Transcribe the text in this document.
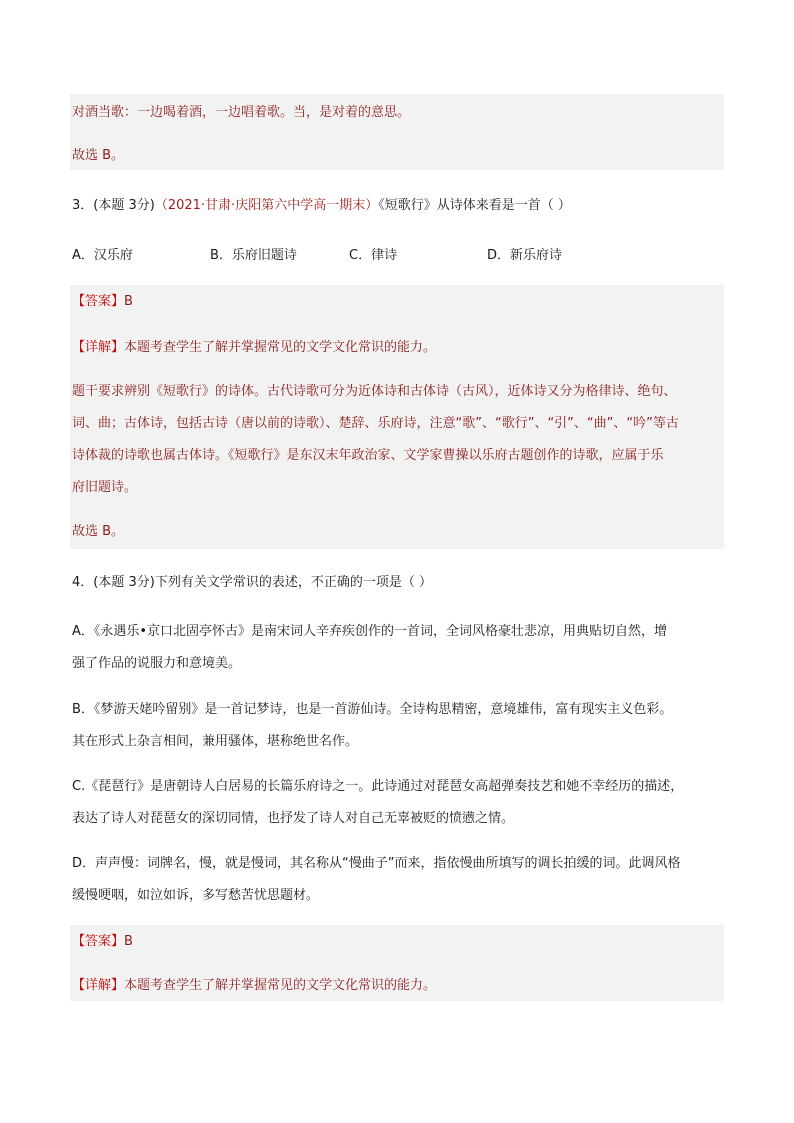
对酒当歌：一边喝着酒，一边唱着歌。当，是对着的意思。
故选 B。
3．(本题 3分)（2021·甘肃·庆阳第六中学高一期末）《短歌行》从诗体来看是一首（ ）
A．汉乐府	B．乐府旧题诗	C．律诗	D．新乐府诗
【答案】B
【详解】本题考查学生了解并掌握常见的文学文化常识的能力。
题干要求辨别《短歌行》的诗体。古代诗歌可分为近体诗和古体诗（古风），近体诗又分为格律诗、绝句、
词、曲；古体诗，包括古诗（唐以前的诗歌）、楚辞、乐府诗，注意“歌”、“歌行”、“引”、“曲”、“吟”等古
诗体裁的诗歌也属古体诗。《短歌行》是东汉末年政治家、文学家曹操以乐府古题创作的诗歌，应属于乐
府旧题诗。
故选 B。
4．(本题 3分)下列有关文学常识的表述，不正确的一项是（ ）
A．《永遇乐•京口北固亭怀古》是南宋词人辛弃疾创作的一首词，全词风格豪壮悲凉，用典贴切自然，增
强了作品的说服力和意境美。
B．《梦游天姥吟留别》是一首记梦诗，也是一首游仙诗。全诗构思精密，意境雄伟，富有现实主义色彩。
其在形式上杂言相间，兼用骚体，堪称绝世名作。
C.《琵琶行》是唐朝诗人白居易的长篇乐府诗之一。此诗通过对琵琶女高超弹奏技艺和她不幸经历的描述，
表达了诗人对琵琶女的深切同情，也抒发了诗人对自己无辜被贬的愤懑之情。
D．声声慢：词牌名，慢，就是慢词，其名称从“慢曲子”而来，指依慢曲所填写的调长拍缓的词。此调风格
缓慢哽咽，如泣如诉，多写愁苦忧思题材。
【答案】B
【详解】本题考查学生了解并掌握常见的文学文化常识的能力。
